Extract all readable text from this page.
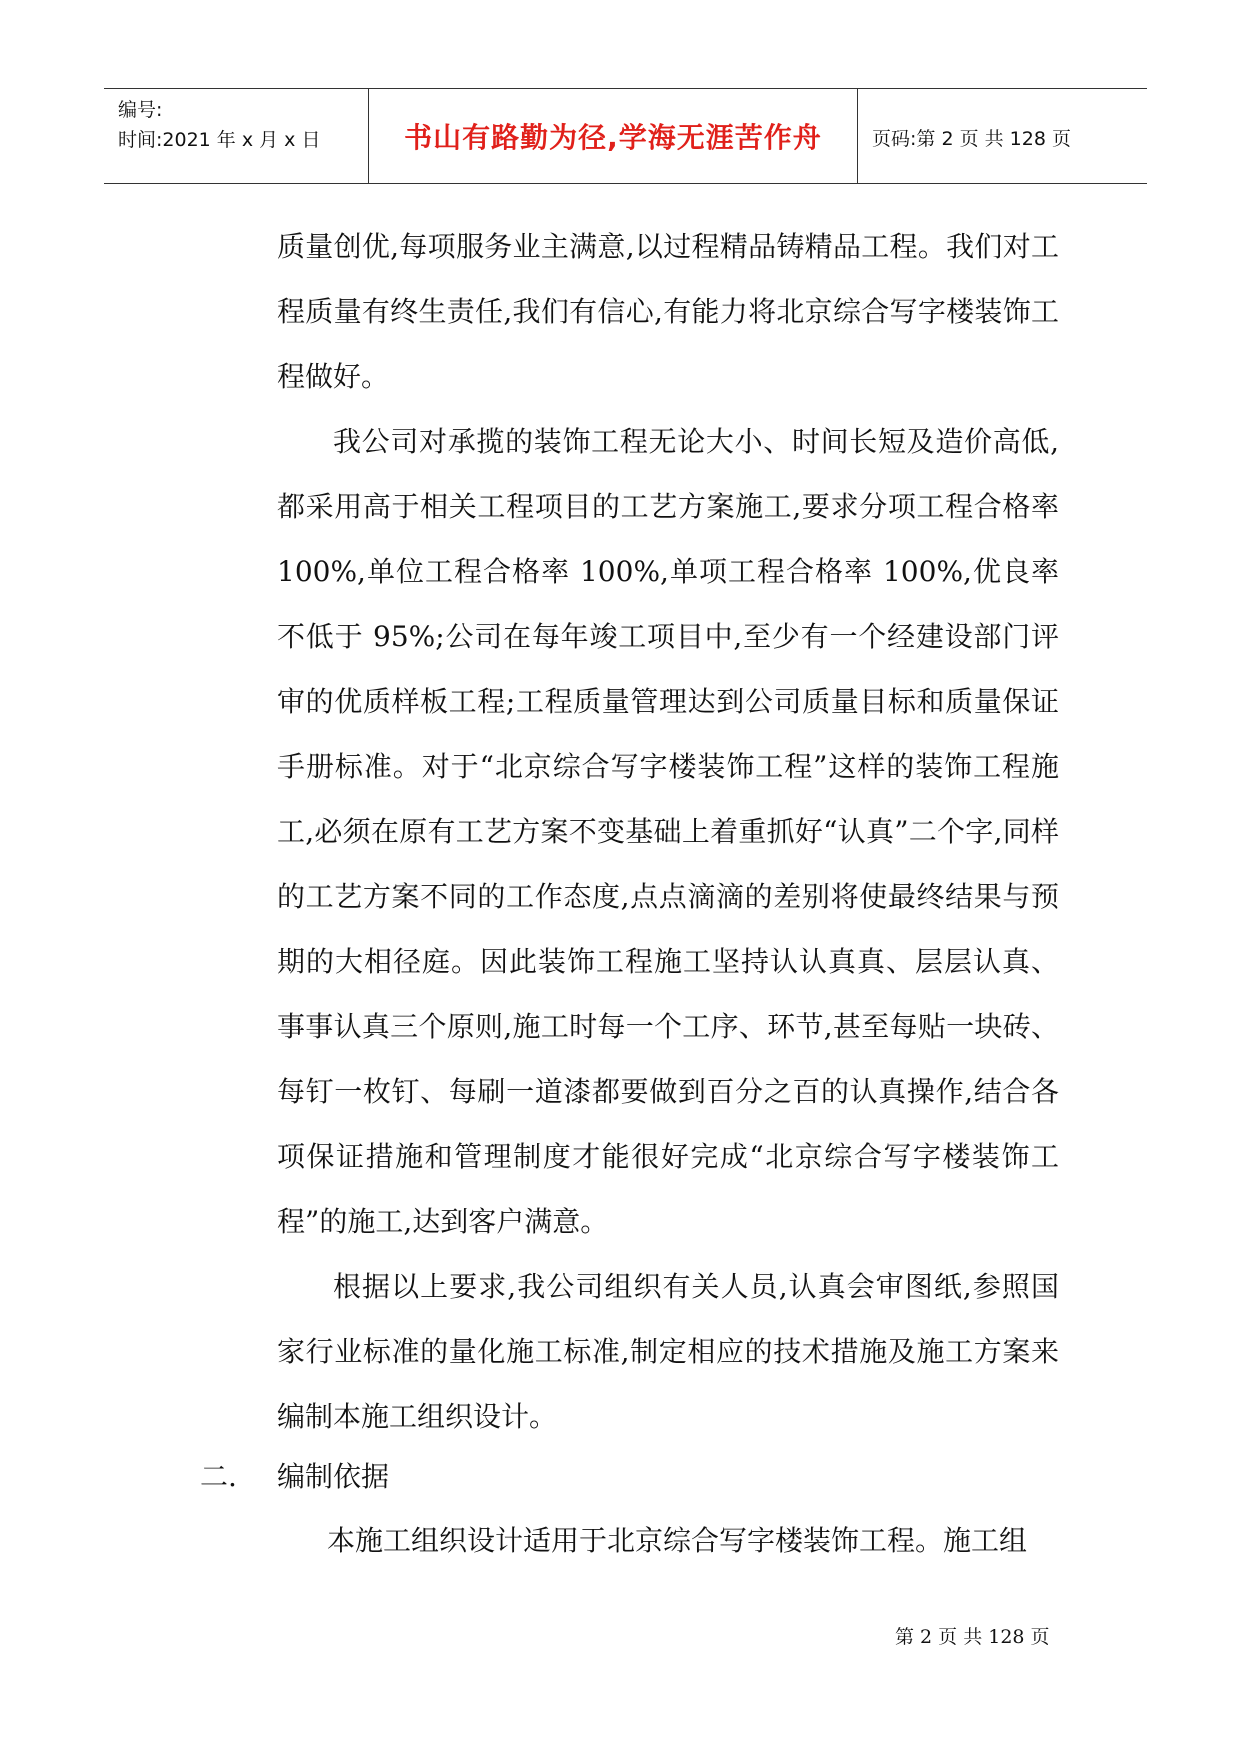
编号:
时间:2021 年 x 月 x 日	书山有路勤为径,学海无涯苦作舟	页码:第 2 页 共 128 页

质量创优,每项服务业主满意,以过程精品铸精品工程。我们对工程质量有终生责任,我们有信心,有能力将北京综合写字楼装饰工程做好。

我公司对承揽的装饰工程无论大小、时间长短及造价高低,都采用高于相关工程项目的工艺方案施工,要求分项工程合格率 100%,单位工程合格率 100%,单项工程合格率 100%,优良率不低于 95%;公司在每年竣工项目中,至少有一个经建设部门评审的优质样板工程;工程质量管理达到公司质量目标和质量保证手册标准。对于“北京综合写字楼装饰工程”这样的装饰工程施工,必须在原有工艺方案不变基础上着重抓好“认真”二个字,同样的工艺方案不同的工作态度,点点滴滴的差别将使最终结果与预期的大相径庭。因此装饰工程施工坚持认认真真、层层认真、事事认真三个原则,施工时每一个工序、环节,甚至每贴一块砖、每钉一枚钉、每刷一道漆都要做到百分之百的认真操作,结合各项保证措施和管理制度才能很好完成“北京综合写字楼装饰工程”的施工,达到客户满意。

根据以上要求,我公司组织有关人员,认真会审图纸,参照国家行业标准的量化施工标准,制定相应的技术措施及施工方案来编制本施工组织设计。

二. 编制依据
本施工组织设计适用于北京综合写字楼装饰工程。施工组
第 2 页 共 128 页
